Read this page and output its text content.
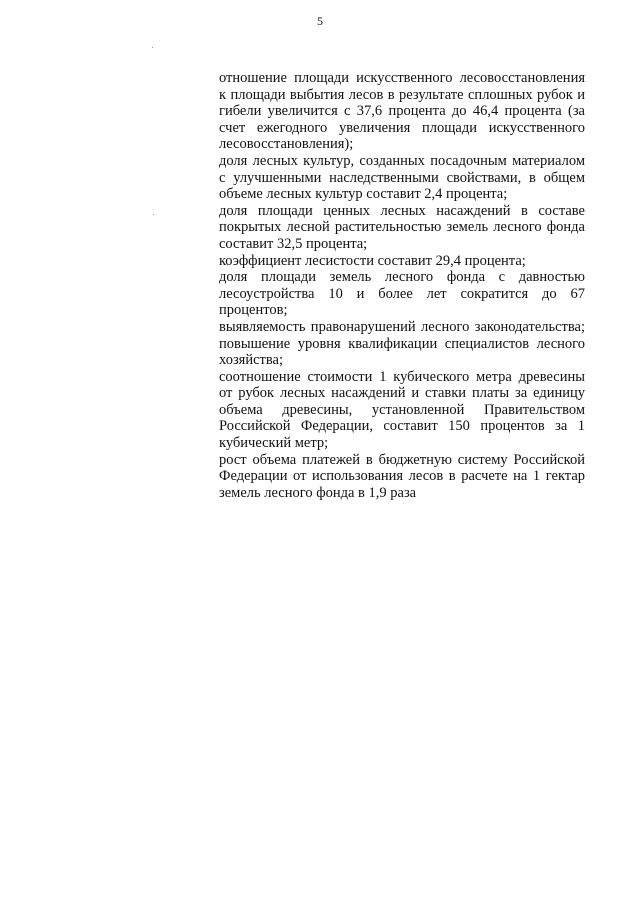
5

отношение площади искусственного лесовосстановления к площади выбытия лесов в результате сплошных рубок и гибели увеличится с 37,6 процента до 46,4 процента (за счет ежегодного увеличения площади искусственного лесовосстановления);

доля лесных культур, созданных посадочным материалом с улучшенными наследственными свойствами, в общем объеме лесных культур составит 2,4 процента;

доля площади ценных лесных насаждений в составе покрытых лесной растительностью земель лесного фонда составит 32,5 процента;

коэффициент лесистости составит 29,4 процента;

доля площади земель лесного фонда с давностью лесоустройства 10 и более лет сократится до 67 процентов;

выявляемость правонарушений лесного законодательства;

повышение уровня квалификации специалистов лесного хозяйства;

соотношение стоимости 1 кубического метра древесины от рубок лесных насаждений и ставки платы за единицу объема древесины, установленной Правительством Российской Федерации, составит 150 процентов за 1 кубический метр;

рост объема платежей в бюджетную систему Российской Федерации от использования лесов в расчете на 1 гектар земель лесного фонда в 1,9 раза
